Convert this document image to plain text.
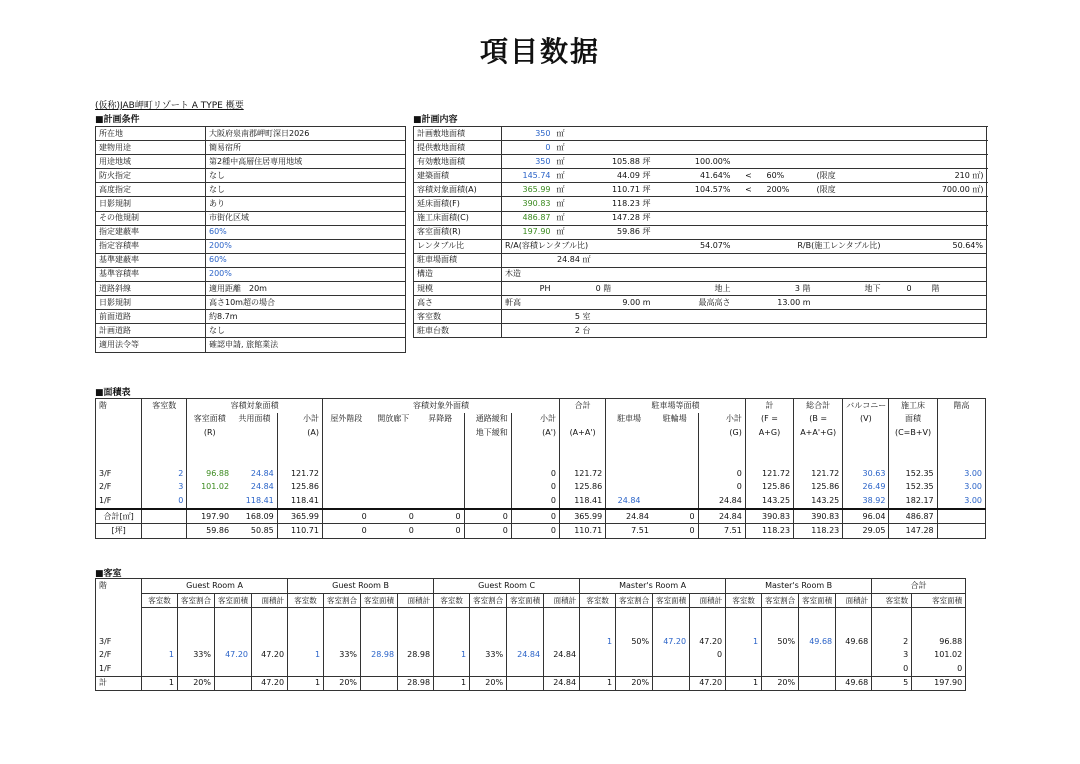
項目数据
(仮称)JAB岬町リゾート A TYPE 概要
■計画条件
所在地	大阪府泉南郡岬町深日2026
建物用途	簡易宿所
用途地域	第2種中高層住居専用地域
防火指定	なし
高度指定	なし
日影規制	あり
その他規制	市街化区域
指定建蔽率	60%
指定容積率	200%
基準建蔽率	60%
基準容積率	200%
道路斜線	適用距離　20m
日影規制	高さ10m超の場合
前面道路	約8.7m
計画道路	なし
適用法令等	確認申請, 旅館業法
■計画内容
計画敷地面積	350	㎡							
提供敷地面積	0	㎡							
有効敷地面積	350	㎡	105.88 坪	100.00%					
建築面積	145.74	㎡	44.09 坪	41.64%	<	60%	(限度	210 ㎡)	
容積対象面積(A)	365.99	㎡	110.71 坪	104.57%	<	200%	(限度	700.00 ㎡)	
延床面積(F)	390.83	㎡	118.23 坪						
施工床面積(C)	486.87	㎡	147.28 坪						
客室面積(R)	197.90	㎡	59.86 坪						
レンタブル比	R/A(容積レンタブル比)			54.07%	R/B(施工レンタブル比)			50.64%	
駐車場面積	24.84 ㎡								
構造	木造								
規模	PH	0 階		地上	3 階		地下	0 階	
高さ	軒高	9.00 m		最高高さ	13.00 m				
客室数	5 室								
駐車台数	2 台								
■面積表
階	客室数	容積対象面積			容積対象外面積					合計	駐車場等面積			計	総合計	バルコニー	施工床	階高
		客室面積	共用面積	小計	屋外階段	開放廊下	昇降路	通路緩和	小計		駐車場	駐輪場	小計	(F =	(B =	(V)	面積	
		(R)		(A)				地下緩和	(A')	(A+A')			(G)	A+G)	A+A'+G)		(C=B+V)	

3/F	2	96.88	24.84	121.72					0	121.72			0	121.72	121.72	30.63	152.35	3.00
2/F	3	101.02	24.84	125.86					0	125.86			0	125.86	125.86	26.49	152.35	3.00
1/F	0		118.41	118.41					0	118.41	24.84		24.84	143.25	143.25	38.92	182.17	3.00
合計[㎡]		197.90	168.09	365.99	0	0	0	0	0	365.99	24.84	0	24.84	390.83	390.83	96.04	486.87	
[坪]		59.86	50.85	110.71	0	0	0	0	0	110.71	7.51	0	7.51	118.23	118.23	29.05	147.28	
■客室
階	Guest Room A				Guest Room B				Guest Room C				Master's Room A				Master's Room B				合計	
	客室数	客室割合	客室面積	面積計	客室数	客室割合	客室面積	面積計	客室数	客室割合	客室面積	面積計	客室数	客室割合	客室面積	面積計	客室数	客室割合	客室面積	面積計	客室数	客室面積

3/F													1	50%	47.20	47.20	1	50%	49.68	49.68	2	96.88
2/F	1	33%	47.20	47.20	1	33%	28.98	28.98	1	33%	24.84	24.84				0					3	101.02
1/F																					0	0
計	1	20%		47.20	1	20%		28.98	1	20%		24.84	1	20%		47.20	1	20%		49.68	5	197.90
